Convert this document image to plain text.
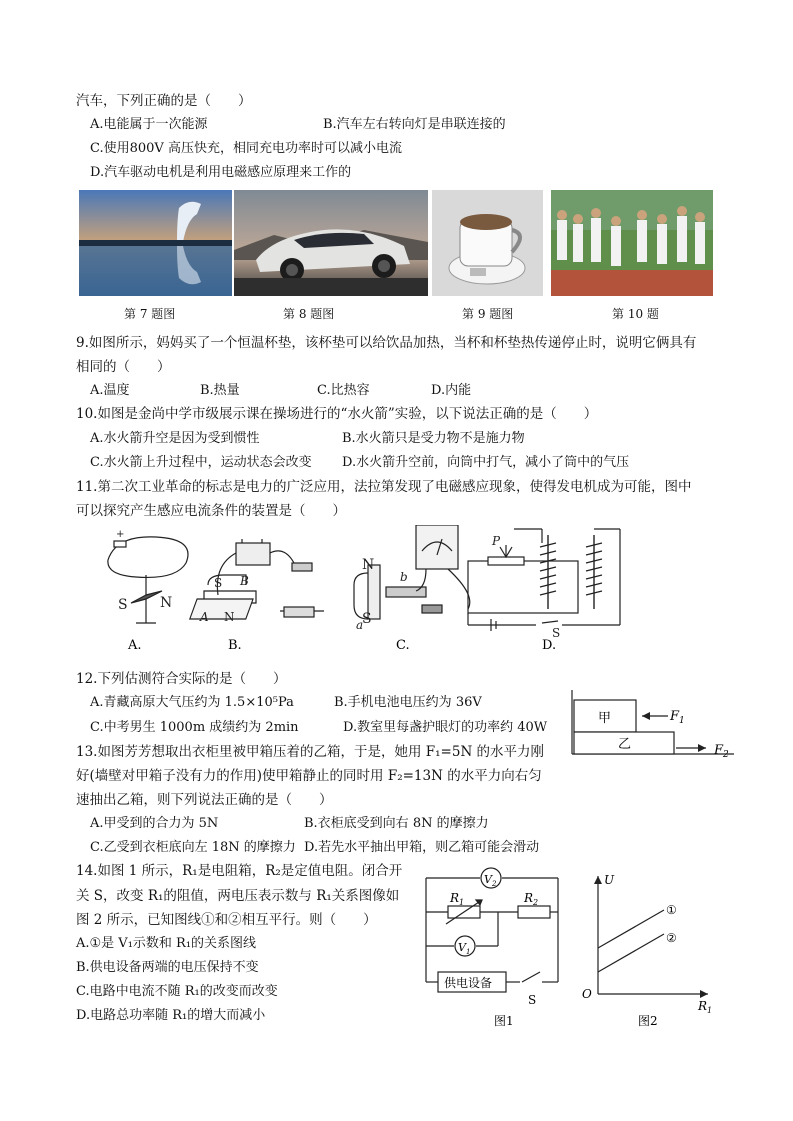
汽车，下列正确的是（　　）
A.电能属于一次能源	B.汽车左右转向灯是串联连接的
C.使用800V 高压快充，相同充电功率时可以减小电流
D.汽车驱动电机是利用电磁感应原理来工作的
第 7 题图	第 8 题图	第 9 题图	第 10 题
9.如图所示，妈妈买了一个恒温杯垫，该杯垫可以给饮品加热，当杯和杯垫热传递停止时，说明它俩具有
相同的（　　）
A.温度	B.热量	C.比热容	D.内能
10.如图是金尚中学市级展示课在操场进行的“水火箭”实验，以下说法正确的是（　　）
A.水火箭升空是因为受到惯性	B.水火箭只是受力物不是施力物
C.水火箭上升过程中，运动状态会改变 D.水火箭升空前，向筒中打气，减小了筒中的气压
11.第二次工业革命的标志是电力的广泛应用，法拉第发现了电磁感应现象，使得发电机成为可能，图中
可以探究产生感应电流条件的装置是（　　）
S N
+
A.
S B
A N
B.
N
S
b
a
C.
P
S
D.
12.下列估测符合实际的是（　　）
A.青藏高原大气压约为 1.5×10⁵Pa	B.手机电池电压约为 36V
C.中考男生 1000m 成绩约为 2min	D.教室里每盏护眼灯的功率约 40W
甲
乙
$F_1$
$F_2$
13.如图芳芳想取出衣柜里被甲箱压着的乙箱，于是，她用 F₁=5N 的水平力刚
好(墙壁对甲箱子没有力的作用)使甲箱静止的同时用 F₂=13N 的水平力向右匀
速抽出乙箱，则下列说法正确的是（　　）
A.甲受到的合力为 5N	B.衣柜底受到向右 8N 的摩擦力
C.乙受到衣柜底向左 18N 的摩擦力 D.若先水平抽出甲箱，则乙箱可能会滑动
14.如图 1 所示，R₁是电阻箱，R₂是定值电阻。闭合开
关 S，改变 R₁的阻值，两电压表示数与 R₁关系图像如
图 2 所示，已知图线①和②相互平行。则（　　）
A.①是 V₁示数和 R₁的关系图线
B.供电设备两端的电压保持不变
C.电路中电流不随 R₁的改变而改变
D.电路总功率随 R₁的增大而减小
$V_2$
$V_1$
$R_1$	$R_2$
供电设备
S
图1
U
O
$R_1$
①
②
图2
